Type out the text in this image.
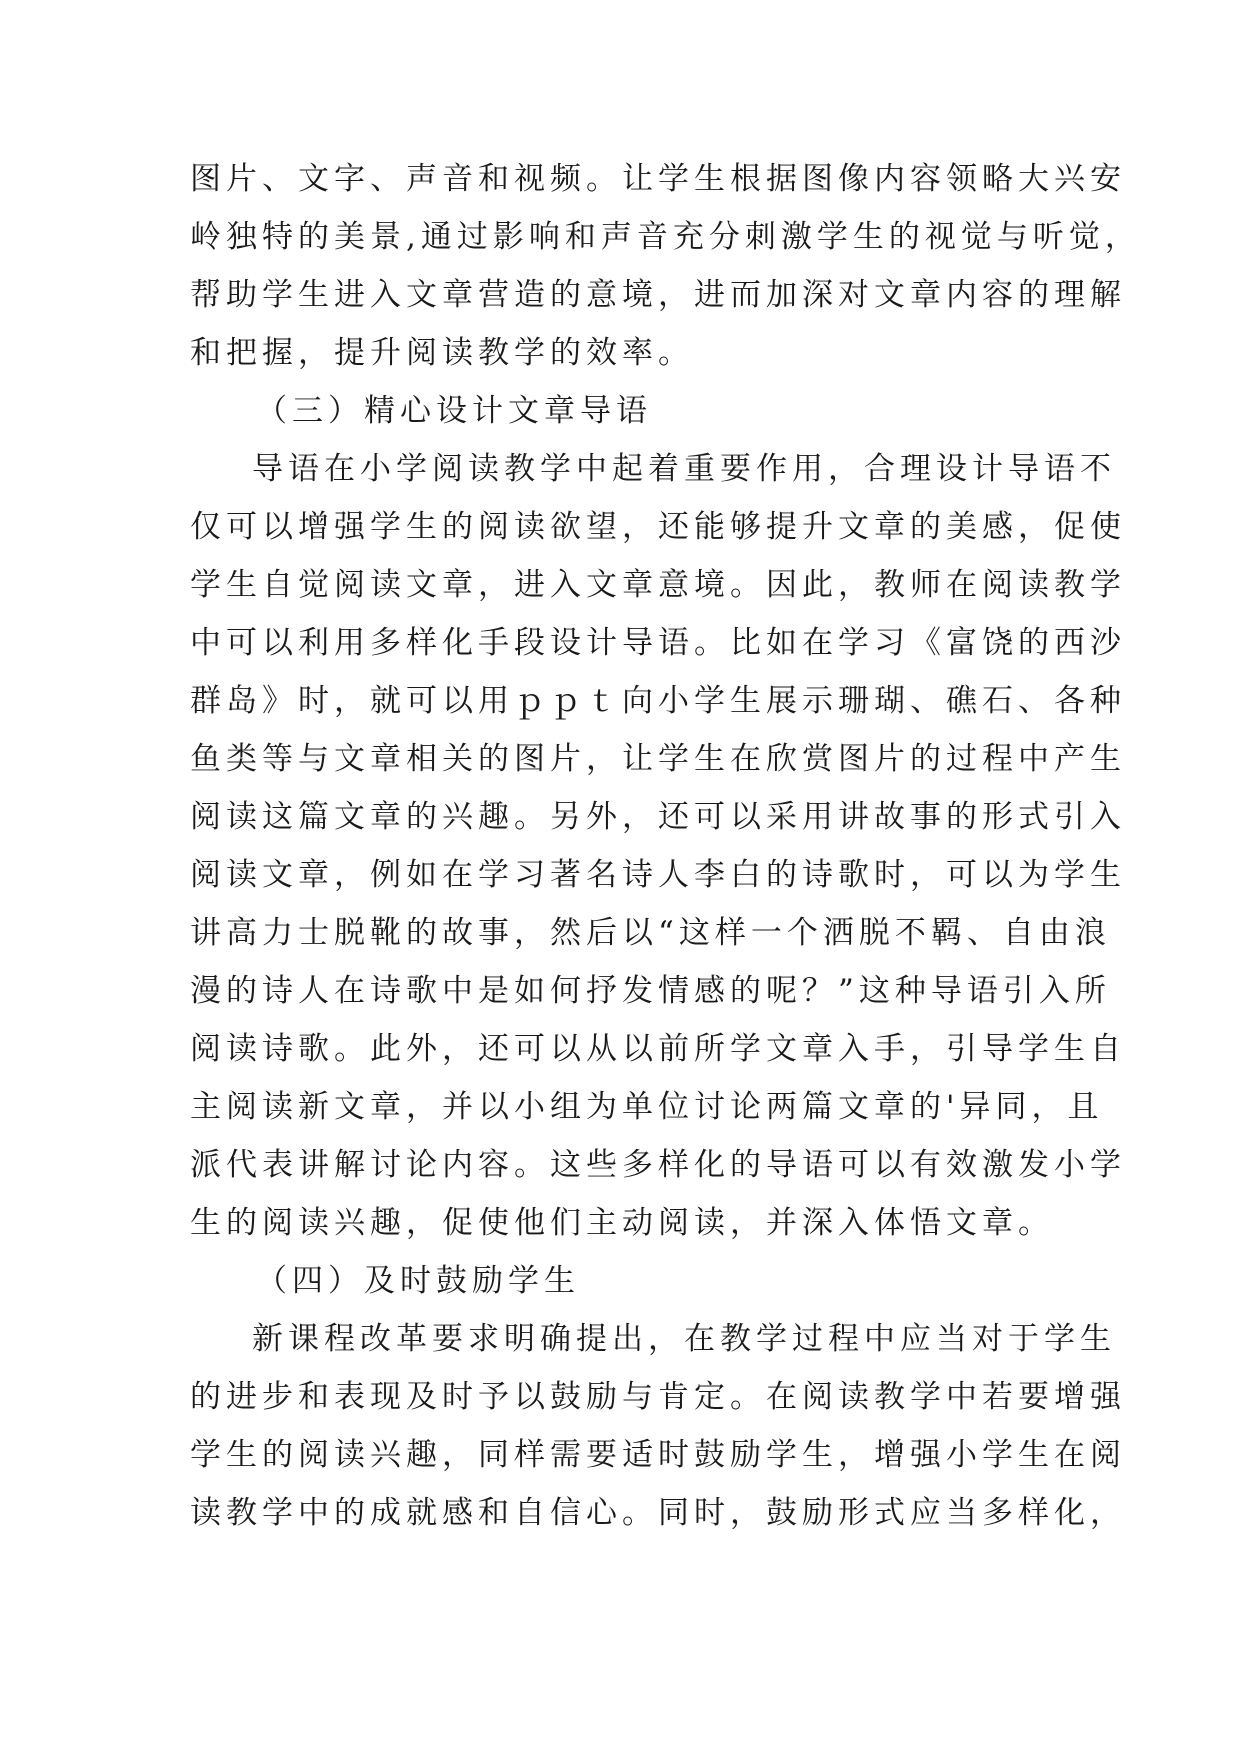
图片、文字、声音和视频。让学生根据图像内容领略大兴安
岭独特的美景,通过影响和声音充分刺激学生的视觉与听觉，
帮助学生进入文章营造的意境，进而加深对文章内容的理解
和把握，提升阅读教学的效率。
（三）精心设计文章导语
导语在小学阅读教学中起着重要作用，合理设计导语不
仅可以增强学生的阅读欲望，还能够提升文章的美感，促使
学生自觉阅读文章，进入文章意境。因此，教师在阅读教学
中可以利用多样化手段设计导语。比如在学习《富饶的西沙
群岛》时，就可以用ｐｐｔ向小学生展示珊瑚、礁石、各种
鱼类等与文章相关的图片，让学生在欣赏图片的过程中产生
阅读这篇文章的兴趣。另外，还可以采用讲故事的形式引入
阅读文章，例如在学习著名诗人李白的诗歌时，可以为学生
讲高力士脱靴的故事，然后以“这样一个洒脱不羁、自由浪
漫的诗人在诗歌中是如何抒发情感的呢？”这种导语引入所
阅读诗歌。此外，还可以从以前所学文章入手，引导学生自
主阅读新文章，并以小组为单位讨论两篇文章的'异同，且
派代表讲解讨论内容。这些多样化的导语可以有效激发小学
生的阅读兴趣，促使他们主动阅读，并深入体悟文章。
（四）及时鼓励学生
新课程改革要求明确提出，在教学过程中应当对于学生
的进步和表现及时予以鼓励与肯定。在阅读教学中若要增强
学生的阅读兴趣，同样需要适时鼓励学生，增强小学生在阅
读教学中的成就感和自信心。同时，鼓励形式应当多样化，
